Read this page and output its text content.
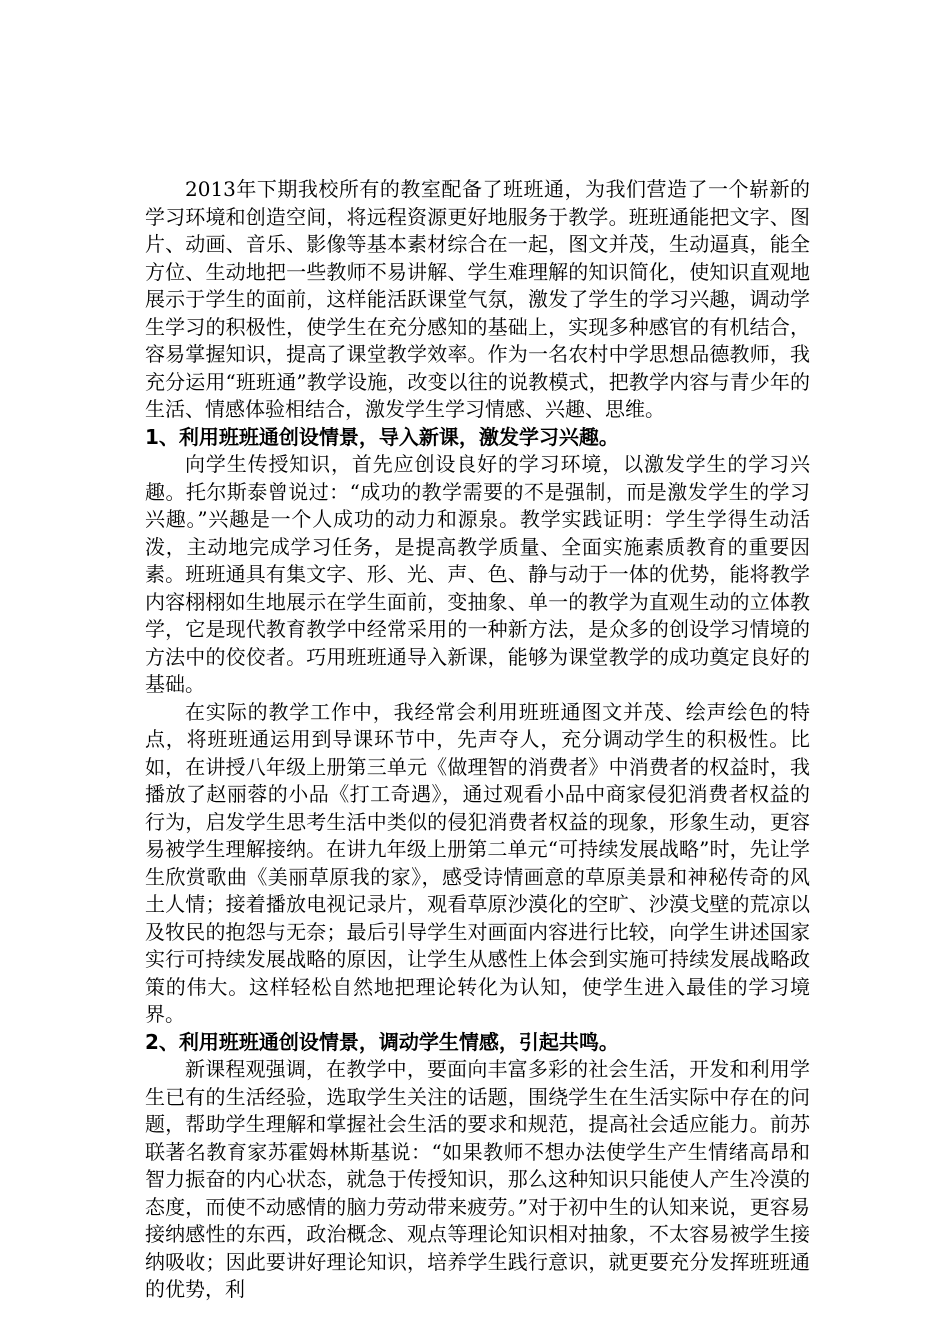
2013年下期我校所有的教室配备了班班通，为我们营造了一个崭新的学习环境和创造空间，将远程资源更好地服务于教学。班班通能把文字、图片、动画、音乐、影像等基本素材综合在一起，图文并茂，生动逼真，能全方位、生动地把一些教师不易讲解、学生难理解的知识简化，使知识直观地展示于学生的面前，这样能活跃课堂气氛，激发了学生的学习兴趣，调动学生学习的积极性，使学生在充分感知的基础上，实现多种感官的有机结合，容易掌握知识，提高了课堂教学效率。作为一名农村中学思想品德教师，我充分运用“班班通”教学设施，改变以往的说教模式，把教学内容与青少年的生活、情感体验相结合，激发学生学习情感、兴趣、思维。

1、利用班班通创设情景，导入新课，激发学习兴趣。

向学生传授知识，首先应创设良好的学习环境，以激发学生的学习兴趣。托尔斯泰曾说过：“成功的教学需要的不是强制，而是激发学生的学习兴趣。”兴趣是一个人成功的动力和源泉。教学实践证明：学生学得生动活泼，主动地完成学习任务，是提高教学质量、全面实施素质教育的重要因素。班班通具有集文字、形、光、声、色、静与动于一体的优势，能将教学内容栩栩如生地展示在学生面前，变抽象、单一的教学为直观生动的立体教学，它是现代教育教学中经常采用的一种新方法，是众多的创设学习情境的方法中的佼佼者。巧用班班通导入新课，能够为课堂教学的成功奠定良好的基础。

在实际的教学工作中，我经常会利用班班通图文并茂、绘声绘色的特点，将班班通运用到导课环节中，先声夺人，充分调动学生的积极性。比如，在讲授八年级上册第三单元《做理智的消费者》中消费者的权益时，我播放了赵丽蓉的小品《打工奇遇》，通过观看小品中商家侵犯消费者权益的行为，启发学生思考生活中类似的侵犯消费者权益的现象，形象生动，更容易被学生理解接纳。在讲九年级上册第二单元“可持续发展战略”时，先让学生欣赏歌曲《美丽草原我的家》，感受诗情画意的草原美景和神秘传奇的风土人情；接着播放电视记录片，观看草原沙漠化的空旷、沙漠戈壁的荒凉以及牧民的抱怨与无奈；最后引导学生对画面内容进行比较，向学生讲述国家实行可持续发展战略的原因，让学生从感性上体会到实施可持续发展战略政策的伟大。这样轻松自然地把理论转化为认知，使学生进入最佳的学习境界。

2、利用班班通创设情景，调动学生情感，引起共鸣。

新课程观强调，在教学中，要面向丰富多彩的社会生活，开发和利用学生已有的生活经验，选取学生关注的话题，围绕学生在生活实际中存在的问题，帮助学生理解和掌握社会生活的要求和规范，提高社会适应能力。前苏联著名教育家苏霍姆林斯基说：“如果教师不想办法使学生产生情绪高昂和智力振奋的内心状态，就急于传授知识，那么这种知识只能使人产生冷漠的态度，而使不动感情的脑力劳动带来疲劳。”对于初中生的认知来说，更容易接纳感性的东西，政治概念、观点等理论知识相对抽象，不太容易被学生接纳吸收；因此要讲好理论知识，培养学生践行意识，就更要充分发挥班班通的优势，利
